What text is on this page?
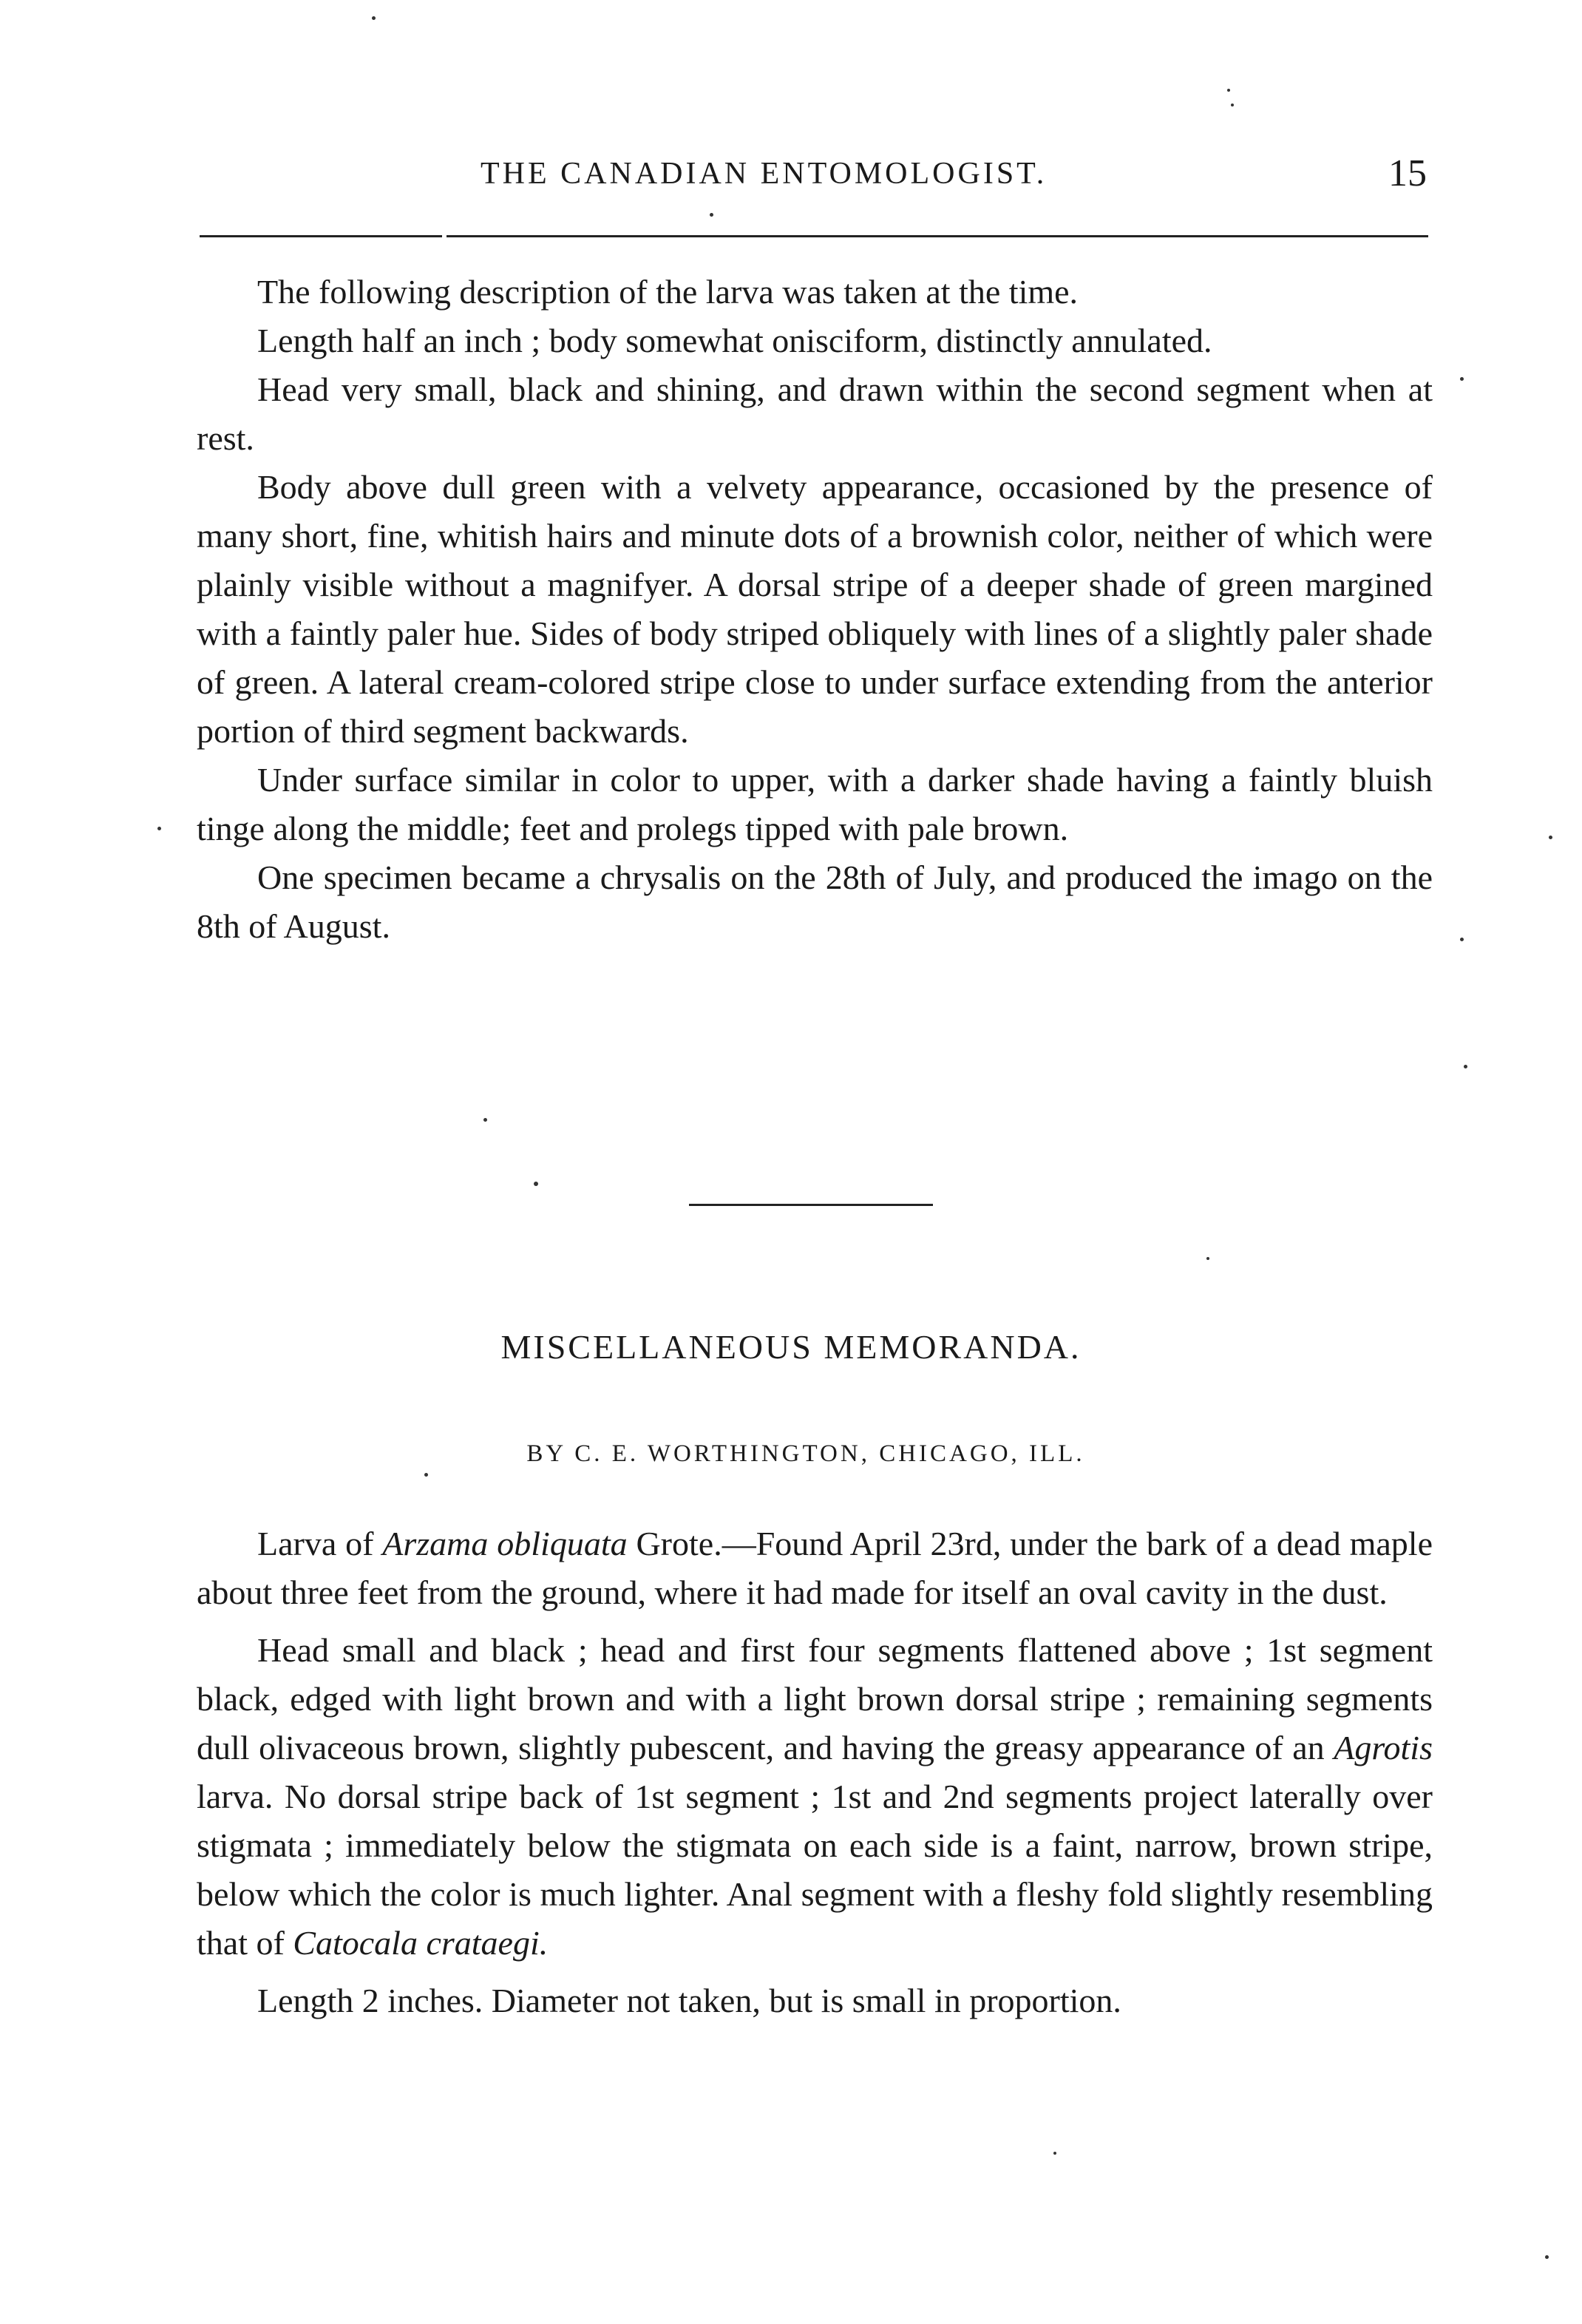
THE CANADIAN ENTOMOLOGIST.	15

The following description of the larva was taken at the time.

Length half an inch ; body somewhat onisciform, distinctly annulated.

Head very small, black and shining, and drawn within the second segment when at rest.

Body above dull green with a velvety appearance, occasioned by the presence of many short, fine, whitish hairs and minute dots of a brownish color, neither of which were plainly visible without a magnifyer. A dorsal stripe of a deeper shade of green margined with a faintly paler hue. Sides of body striped obliquely with lines of a slightly paler shade of green. A lateral cream-colored stripe close to under surface extending from the anterior portion of third segment backwards.

Under surface similar in color to upper, with a darker shade having a faintly bluish tinge along the middle; feet and prolegs tipped with pale brown.

One specimen became a chrysalis on the 28th of July, and produced the imago on the 8th of August.

MISCELLANEOUS MEMORANDA.
BY C. E. WORTHINGTON, CHICAGO, ILL.

Larva of Arzama obliquata Grote.—Found April 23rd, under the bark of a dead maple about three feet from the ground, where it had made for itself an oval cavity in the dust.

Head small and black ; head and first four segments flattened above ; 1st segment black, edged with light brown and with a light brown dorsal stripe ; remaining segments dull olivaceous brown, slightly pubescent, and having the greasy appearance of an Agrotis larva. No dorsal stripe back of 1st segment ; 1st and 2nd segments project laterally over stigmata ; immediately below the stigmata on each side is a faint, narrow, brown stripe, below which the color is much lighter. Anal segment with a fleshy fold slightly resembling that of Catocala crataegi.

Length 2 inches. Diameter not taken, but is small in proportion.
